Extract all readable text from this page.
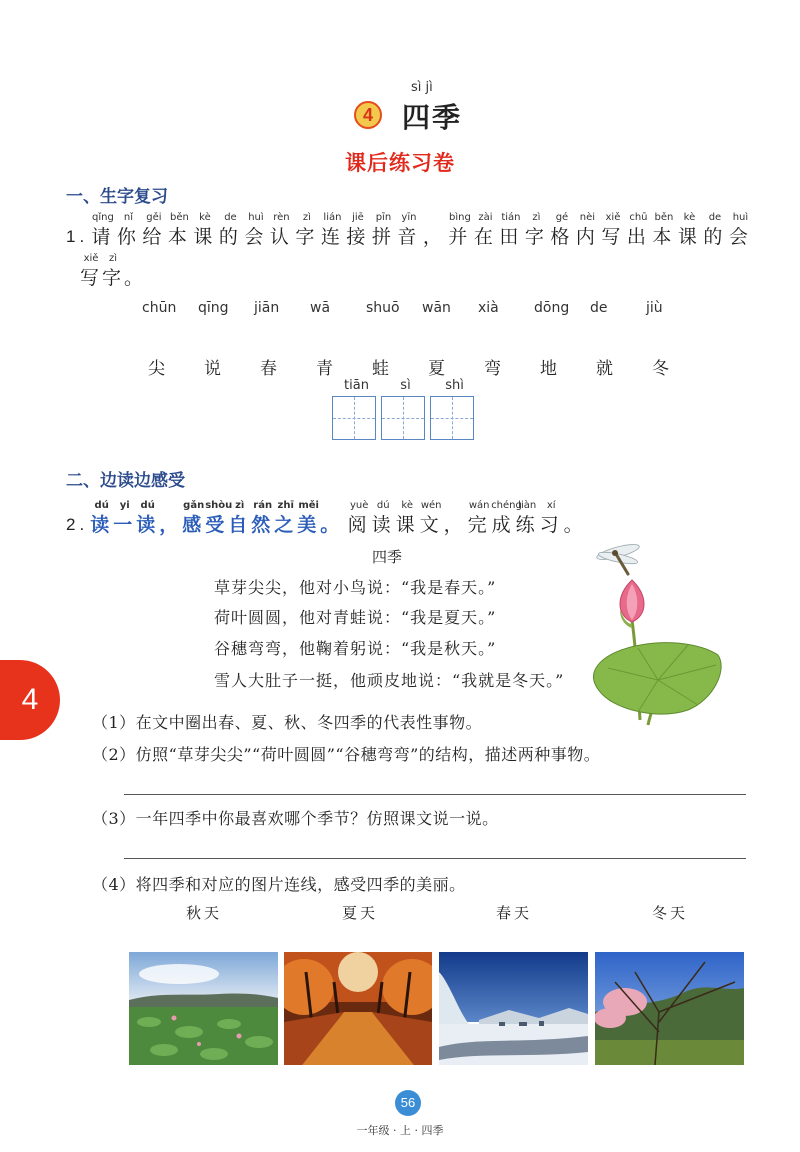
sì jì
4	四季
课后练习卷
一、生字复习
1.
qǐng
请
nǐ
你
gěi
给
běn
本
kè
课
de
的
huì
会
rèn
认
zì
字
lián
连
jiē
接
pīn
拼
yīn
音 ，
bìng
并
zài
在
tián
田
zì
字
gé
格
nèi
内
xiě
写
chū
出
běn
本
kè
课
de
的
huì
会
xiě
写
zì
字
。
chūn	qīng	jiān	wā	shuō	wān	xià	dōng	de	jiù
尖	说	春	青	蛙	夏	弯	地	就	冬
tiān	sì	shì
二、边读边感受
2.
dú
读
yi
一
dú
读 ，
gǎn
感
shòu
受
zì
自
rán
然
zhī
之
měi
美 。
yuè
阅
dú
读
kè
课
wén
文 ，
wán
完
chéng
成
liàn
练
xí
习 。
四季
草芽尖尖，他对小鸟说：“我是春天。”
荷叶圆圆，他对青蛙说：“我是夏天。”
谷穗弯弯，他鞠着躬说：“我是秋天。”
雪人大肚子一挺，他顽皮地说：“我就是冬天。”
4
（1）在文中圈出春、夏、秋、冬四季的代表性事物。
（2）仿照“草芽尖尖”“荷叶圆圆”“谷穗弯弯”的结构，描述两种事物。
（3）一年四季中你最喜欢哪个季节？仿照课文说一说。
（4）将四季和对应的图片连线，感受四季的美丽。
秋天	夏天	春天	冬天
56
一年级 · 上 · 四季
